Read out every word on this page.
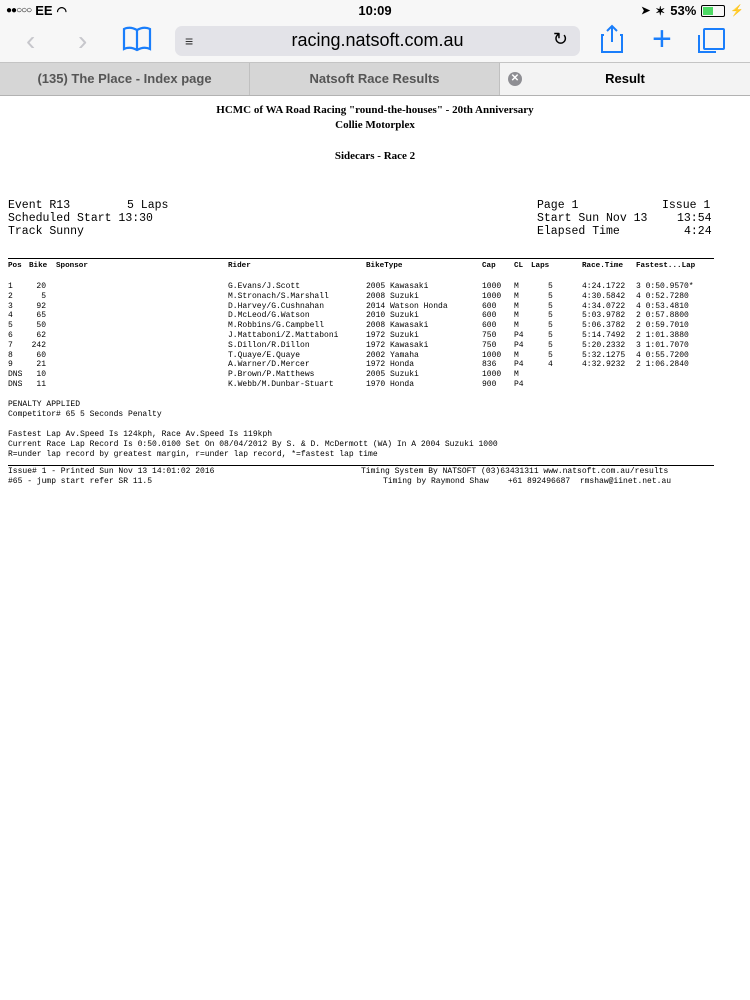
●●○○○ EE ◠	10:09	➤ ✶ 53%	⚡
‹ ›	≡	racing.natsoft.com.au	↻ +
(135) The Place - Index page	Natsoft Race Results	✕	Result
HCMC of WA Road Racing "round-the-houses" - 20th Anniversary
Collie Motorplex
Sidecars - Race 2
Event R13	5 Laps
Scheduled Start 13:30
Track Sunny
Page 1	Issue 1
Start Sun Nov 13	13:54
Elapsed Time	4:24
Pos Bike Sponsor	Rider	BikeType	Cap CL Laps	Race.Time Fastest...Lap
1	20	G.Evans/J.Scott	2005 Kawasaki	1000 M	5	4:24.1722 3 0:50.9570*
2	5	M.Stronach/S.Marshall	2008 Suzuki	1000 M	5	4:30.5842 4 0:52.7280
3	92	D.Harvey/G.Cushnahan	2014 Watson Honda	600 M	5	4:34.0722 4 0:53.4810
4	65	D.McLeod/G.Watson	2010 Suzuki	600 M	5	5:03.9782 2 0:57.8800
5	50	M.Robbins/G.Campbell	2008 Kawasaki	600 M	5	5:06.3782 2 0:59.7010
6	62	J.Mattaboni/Z.Mattaboni	1972 Suzuki	750 P4	5	5:14.7492 2 1:01.3880
7	242	S.Dillon/R.Dillon	1972 Kawasaki	750 P4	5	5:20.2332 3 1:01.7070
8	60	T.Quaye/E.Quaye	2002 Yamaha	1000 M	5	5:32.1275 4 0:55.7200
9	21	A.Warner/D.Mercer	1972 Honda	836 P4	4	4:32.9232 2 1:06.2840
DNS	10	P.Brown/P.Matthews	2005 Suzuki	1000 M
DNS	11	K.Webb/M.Dunbar-Stuart	1970 Honda	900 P4
PENALTY APPLIED
Competitor# 65 5 Seconds Penalty
Fastest Lap Av.Speed Is 124kph, Race Av.Speed Is 119kph
Current Race Lap Record Is 0:50.0100 Set On 08/04/2012 By S. & D. McDermott (WA) In A 2004 Suzuki 1000
R=under lap record by greatest margin, r=under lap record, *=fastest lap time
Issue# 1 - Printed Sun Nov 13 14:01:02 2016
#65 - jump start refer SR 11.5
Timing System By NATSOFT (03)63431311 www.natsoft.com.au/results
Timing by Raymond Shaw    +61 892496687  rmshaw@iinet.net.au
